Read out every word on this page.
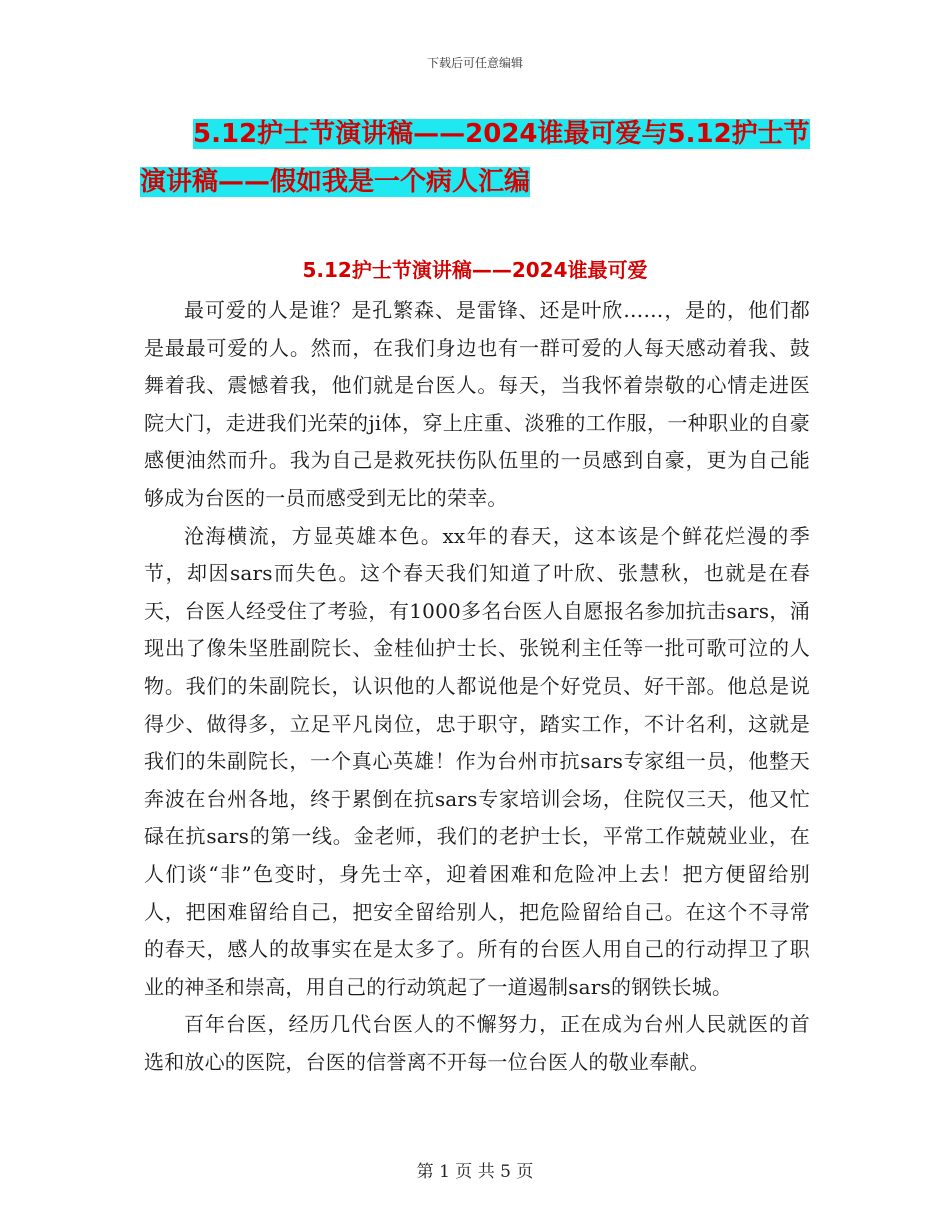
下载后可任意编辑
5.12护士节演讲稿——2024谁最可爱与5.12护士节
演讲稿——假如我是一个病人汇编
5.12护士节演讲稿——2024谁最可爱

最可爱的人是谁？是孔繁森、是雷锋、还是叶欣……，是的，他们都是最最可爱的人。然而，在我们身边也有一群可爱的人每天感动着我、鼓舞着我、震憾着我，他们就是台医人。每天，当我怀着崇敬的心情走进医院大门，走进我们光荣的ji体，穿上庄重、淡雅的工作服，一种职业的自豪感便油然而升。我为自己是救死扶伤队伍里的一员感到自豪，更为自己能够成为台医的一员而感受到无比的荣幸。

沧海横流，方显英雄本色。xx年的春天，这本该是个鲜花烂漫的季节，却因sars而失色。这个春天我们知道了叶欣、张慧秋，也就是在春天，台医人经受住了考验，有1000多名台医人自愿报名参加抗击sars，涌现出了像朱坚胜副院长、金桂仙护士长、张锐利主任等一批可歌可泣的人物。我们的朱副院长，认识他的人都说他是个好党员、好干部。他总是说得少、做得多，立足平凡岗位，忠于职守，踏实工作，不计名利，这就是我们的朱副院长，一个真心英雄！作为台州市抗sars专家组一员，他整天奔波在台州各地，终于累倒在抗sars专家培训会场，住院仅三天，他又忙碌在抗sars的第一线。金老师，我们的老护士长，平常工作兢兢业业，在人们谈“非”色变时，身先士卒，迎着困难和危险冲上去！把方便留给别人，把困难留给自己，把安全留给别人，把危险留给自己。在这个不寻常的春天，感人的故事实在是太多了。所有的台医人用自己的行动捍卫了职业的神圣和崇高，用自己的行动筑起了一道遏制sars的钢铁长城。

百年台医，经历几代台医人的不懈努力，正在成为台州人民就医的首选和放心的医院，台医的信誉离不开每一位台医人的敬业奉献。

第 1 页 共 5 页
